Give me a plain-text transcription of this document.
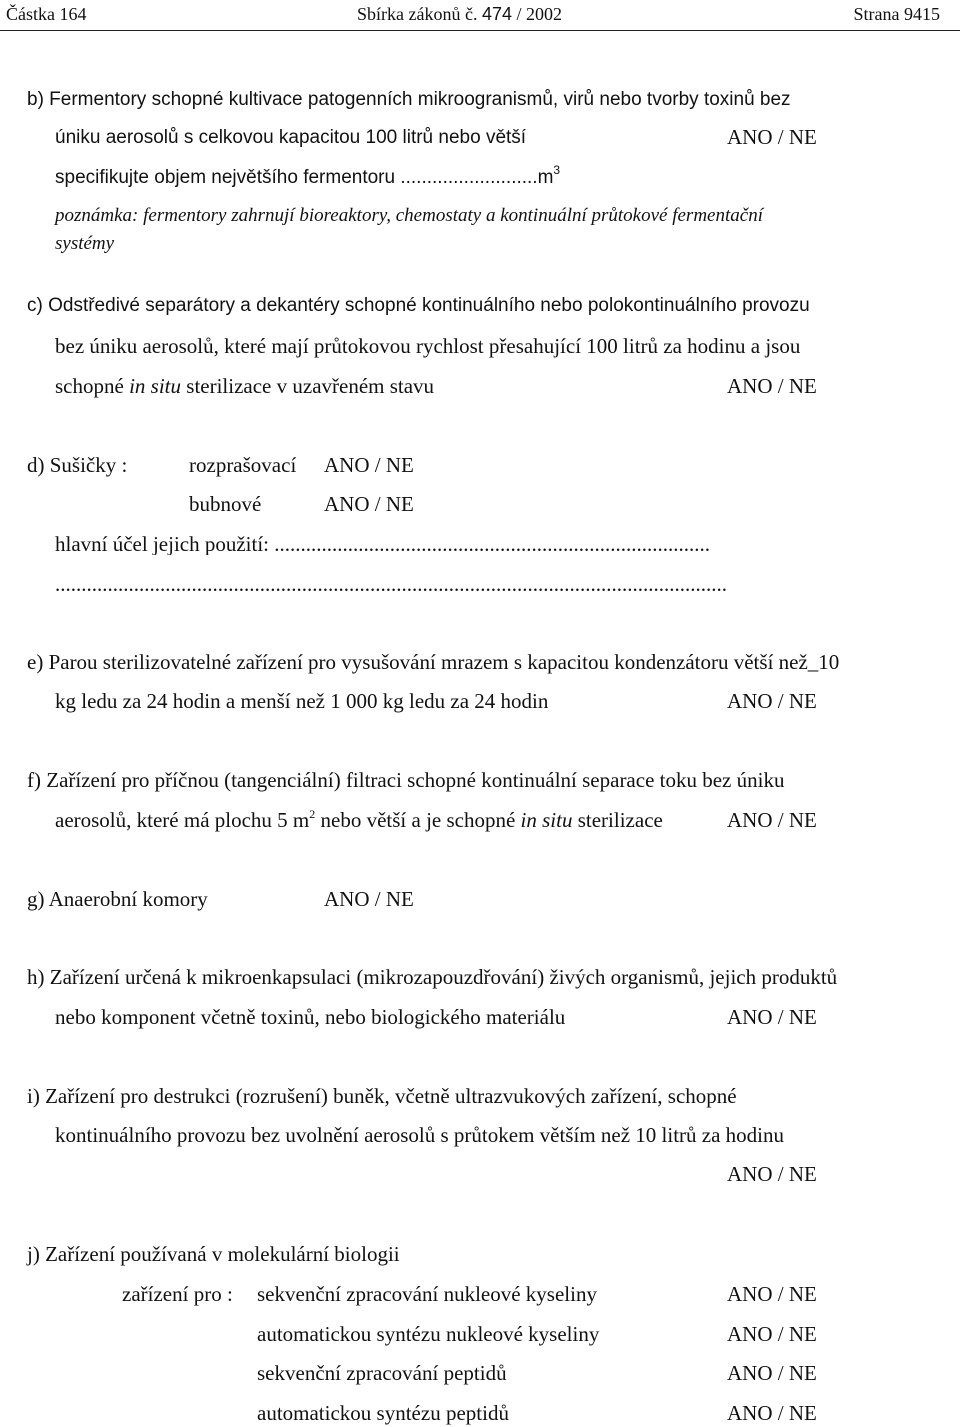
Částka 164	Sbírka zákonů č. 474 / 2002	Strana 9415
b) Fermentory schopné kultivace patogenních mikroogranismů, virů nebo tvorby toxinů bez
úniku aerosolů s celkovou kapacitou 100 litrů nebo větší	ANO / NE
specifikujte objem největšího fermentoru $..........................m^3$
poznámka: fermentory zahrnují bioreaktory, chemostaty a kontinuální průtokové fermentační
systémy
c) Odstředivé separátory a dekantéry schopné kontinuálního nebo polokontinuálního provozu
bez úniku aerosolů, které mají průtokovou rychlost přesahující 100 litrů za hodinu a jsou
schopné in situ sterilizace v uzavřeném stavu	ANO / NE
d) Sušičky :	rozprašovací ANO / NE
bubnové	ANO / NE
hlavní účel jejich použití: ...................................................................................
................................................................................................................................
e) Parou sterilizovatelné zařízení pro vysušování mrazem s kapacitou kondenzátoru větší než_10
kg ledu za 24 hodin a menší než 1 000 kg ledu za 24 hodin	ANO / NE
f) Zařízení pro příčnou (tangenciální) filtraci schopné kontinuální separace toku bez úniku
aerosolů, které má plochu 5 $m^2$ nebo větší a je schopné in situ sterilizace	ANO / NE
g) Anaerobní komory	ANO / NE
h) Zařízení určená k mikroenkapsulaci (mikrozapouzdřování) živých organismů, jejich produktů
nebo komponent včetně toxinů, nebo biologického materiálu	ANO / NE
i) Zařízení pro destrukci (rozrušení) buněk, včetně ultrazvukových zařízení, schopné
kontinuálního provozu bez uvolnění aerosolů s průtokem větším než 10 litrů za hodinu
ANO / NE
j) Zařízení používaná v molekulární biologii
zařízení pro : sekvenční zpracování nukleové kyseliny	ANO / NE
automatickou syntézu nukleové kyseliny	ANO / NE
sekvenční zpracování peptidů	ANO / NE
automatickou syntézu peptidů	ANO / NE
